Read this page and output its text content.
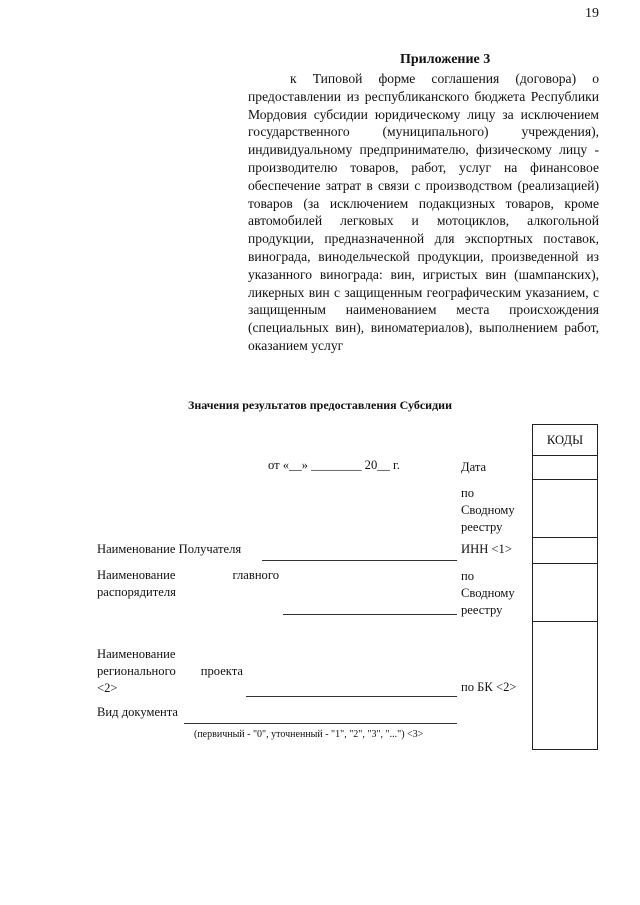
19
Приложение 3
к Типовой форме соглашения (договора) о предоставлении из республиканского бюджета Республики Мордовия субсидии юридическому лицу за исключением государственного (муниципального) учреждения), индивидуальному предпринимателю, физическому лицу - производителю товаров, работ, услуг на финансовое обеспечение затрат в связи с производством (реализацией) товаров (за исключением подакцизных товаров, кроме автомобилей легковых и мотоциклов, алкогольной продукции, предназначенной для экспортных поставок, винограда, винодельческой продукции, произведенной из указанного винограда: вин, игристых вин (шампанских), ликерных вин с защищенным географическим указанием, с защищенным наименованием места происхождения (специальных вин), виноматериалов), выполнением работ, оказанием услуг
Значения результатов предоставления Субсидии
КОДЫ
от «__» ________ 20__ г.	Дата
по
Сводному
реестру
ИНН <1>
по
Сводному
реестру
по БК <2>
Наименование Получателя
Наименование	главного
распорядителя
Наименование
регионального проекта
<2>
Вид документа
(первичный - "0", уточненный - "1", "2", "3", "...") <3>
